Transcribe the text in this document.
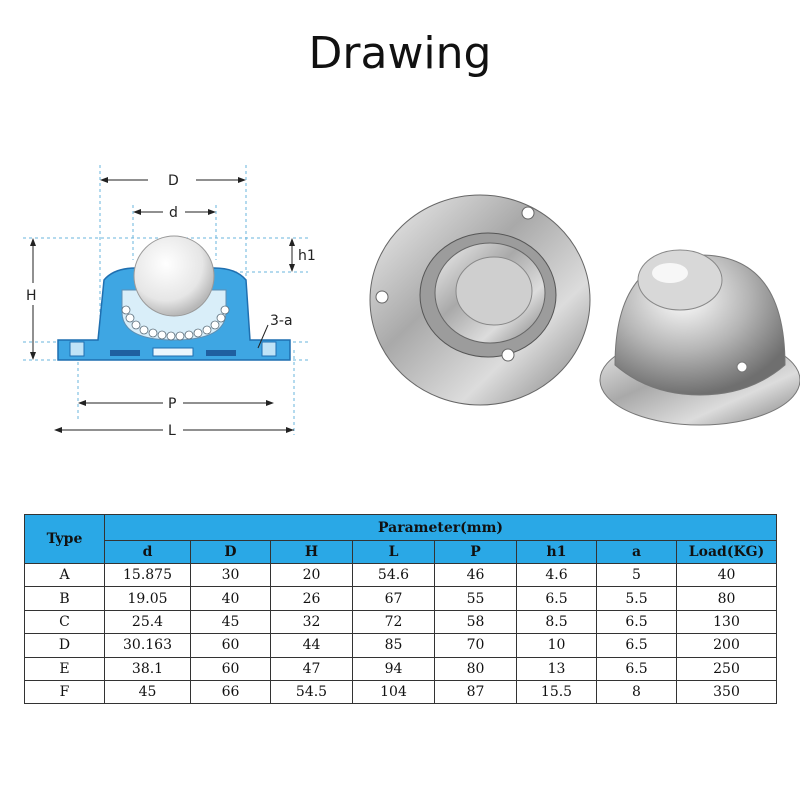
Drawing
D
d
H
h1
3-a
P
L
Type	Parameter(mm)							
	d	D	H	L	P	h1	a	Load(KG)
A	15.875	30	20	54.6	46	4.6	5	40
B	19.05	40	26	67	55	6.5	5.5	80
C	25.4	45	32	72	58	8.5	6.5	130
D	30.163	60	44	85	70	10	6.5	200
E	38.1	60	47	94	80	13	6.5	250
F	45	66	54.5	104	87	15.5	8	350
